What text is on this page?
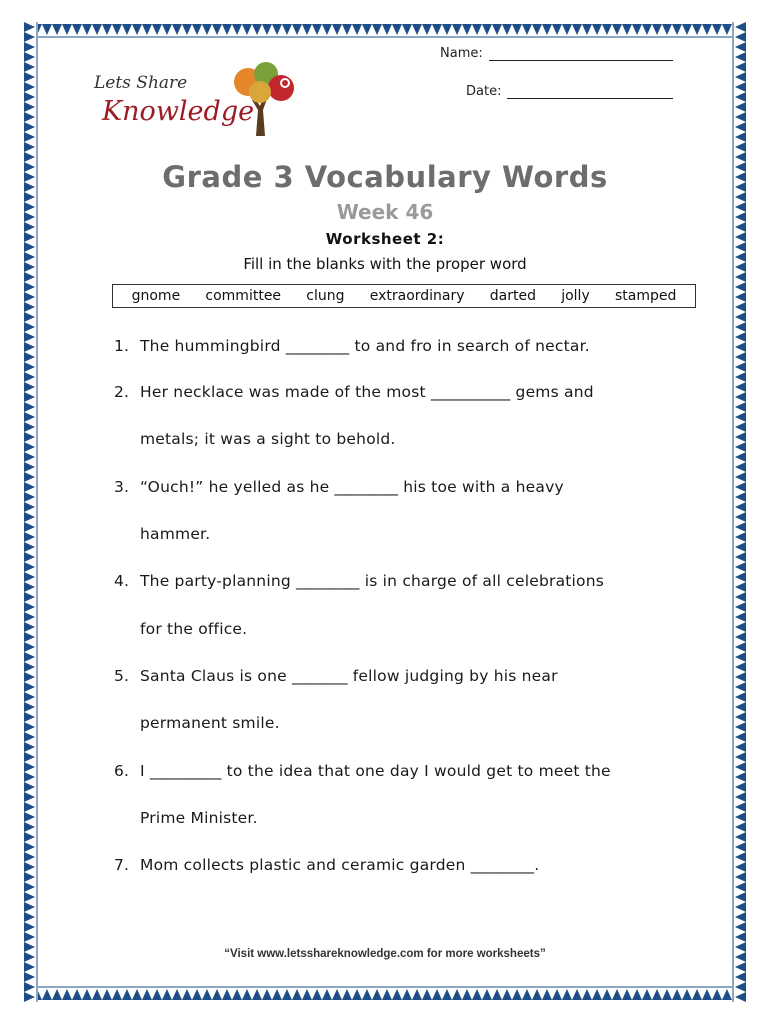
Name:
Date:
Lets Share
Knowledge
Grade 3 Vocabulary Words
Week 46
Worksheet 2:
Fill in the blanks with the proper word
gnome committee clung extraordinary darted jolly stamped
1. The hummingbird ________ to and fro in search of nectar.
2. Her necklace was made of the most __________ gems and
metals; it was a sight to behold.
3. “Ouch!” he yelled as he ________ his toe with a heavy
hammer.
4. The party-planning ________ is in charge of all celebrations
for the office.
5. Santa Claus is one _______ fellow judging by his near
permanent smile.
6. I _________ to the idea that one day I would get to meet the
Prime Minister.
7. Mom collects plastic and ceramic garden ________.
“Visit www.letsshareknowledge.com for more worksheets”
